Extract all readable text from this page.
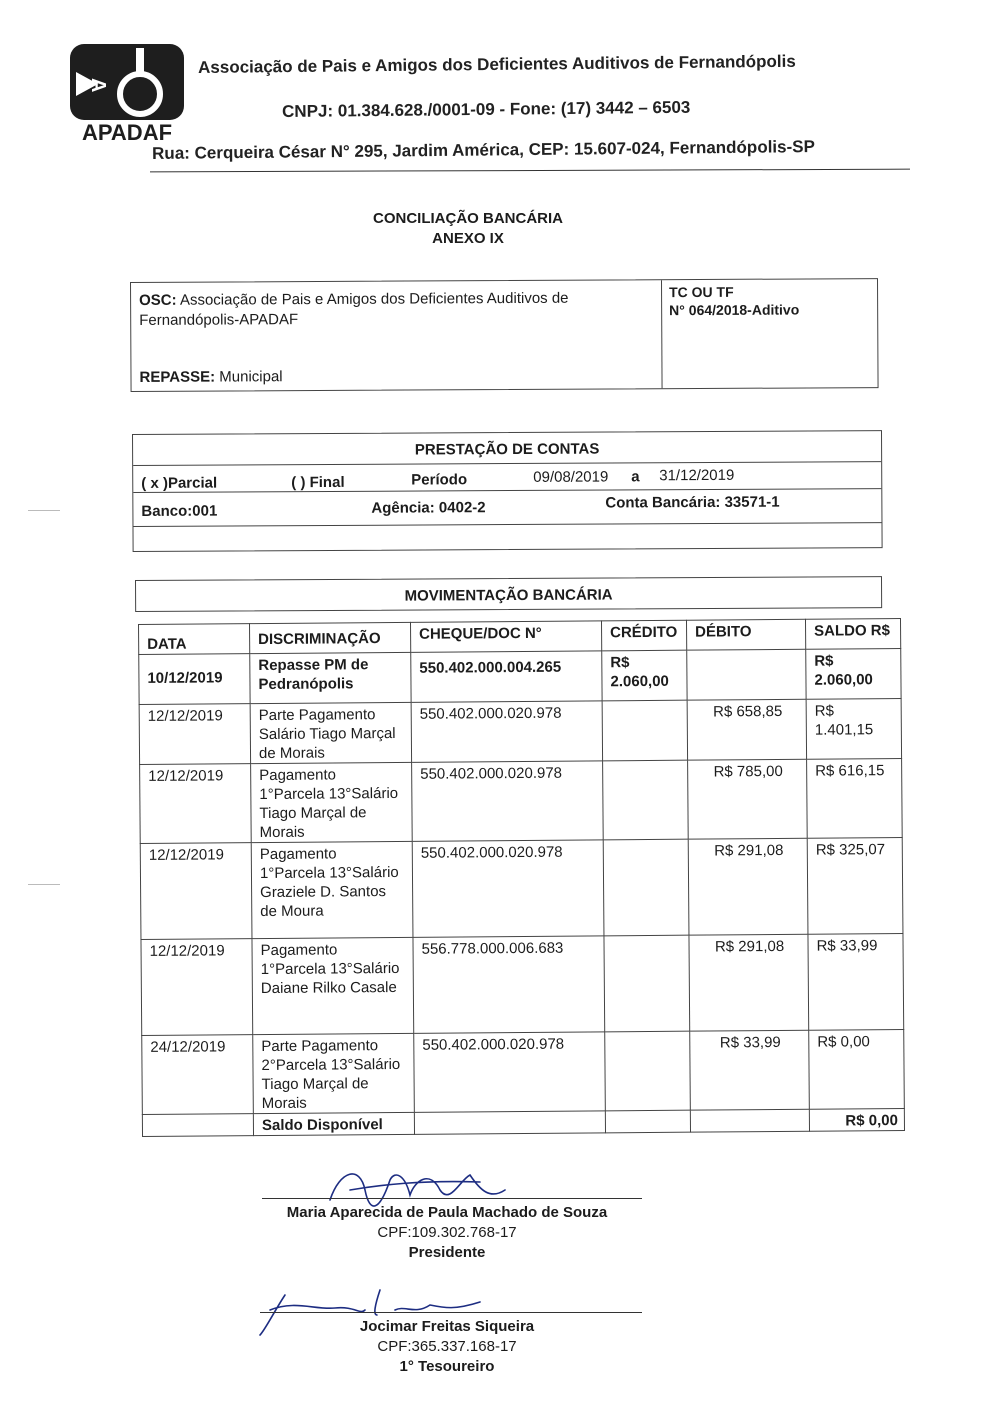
A
APADAF
Associação de Pais e Amigos dos Deficientes Auditivos de Fernandópolis
CNPJ: 01.384.628./0001-09 - Fone: (17) 3442 – 6503
Rua: Cerqueira César N° 295, Jardim América, CEP: 15.607-024, Fernandópolis-SP
CONCILIAÇÃO BANCÁRIA
ANEXO IX
OSC: Associação de Pais e Amigos dos Deficientes Auditivos de Fernandópolis-APADAF
REPASSE: Municipal
TC OU TF
N° 064/2018-Aditivo
PRESTAÇÃO DE CONTAS
( x )Parcial	( ) Final	Período	09/08/2019 a 31/12/2019
Banco:001	Agência: 0402-2	Conta Bancária: 33571-1
MOVIMENTAÇÃO BANCÁRIA
DATA	DISCRIMINAÇÃO	CHEQUE/DOC N°	CRÉDITO	DÉBITO	SALDO R$
10/12/2019	Repasse PM de Pedranópolis	550.402.000.004.265	R$ 2.060,00		R$ 2.060,00
12/12/2019	Parte Pagamento Salário Tiago Marçal de Morais	550.402.000.020.978		R$ 658,85	R$ 1.401,15
12/12/2019	Pagamento 1°Parcela 13°Salário Tiago Marçal de Morais	550.402.000.020.978		R$ 785,00	R$ 616,15
12/12/2019	Pagamento 1°Parcela 13°Salário Graziele D. Santos de Moura	550.402.000.020.978		R$ 291,08	R$ 325,07
12/12/2019	Pagamento 1°Parcela 13°Salário Daiane Rilko Casale	556.778.000.006.683		R$ 291,08	R$ 33,99
24/12/2019	Parte Pagamento 2°Parcela 13°Salário Tiago Marçal de Morais	550.402.000.020.978		R$ 33,99	R$ 0,00
	Saldo Disponível				R$ 0,00
Maria Aparecida de Paula Machado de Souza
CPF:109.302.768-17
Presidente
Jocimar Freitas Siqueira
CPF:365.337.168-17
1° Tesoureiro
